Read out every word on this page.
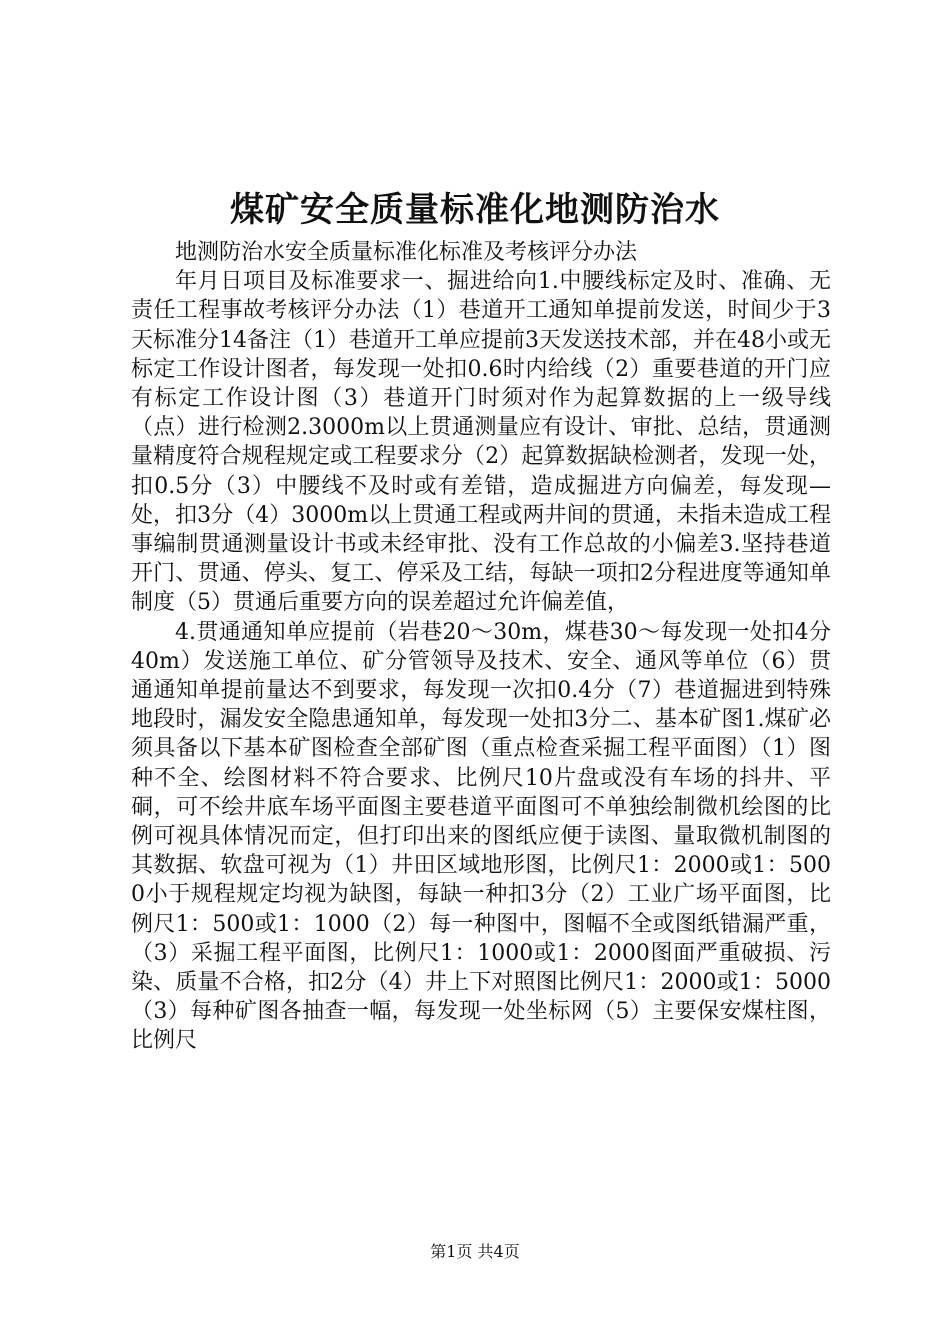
煤矿安全质量标准化地测防治水

地测防治水安全质量标准化标准及考核评分办法

年月日项目及标准要求一、掘进给向1.中腰线标定及时、准确、无责任工程事故考核评分办法（1）巷道开工通知单提前发送，时间少于3天标准分14备注（1）巷道开工单应提前3天发送技术部，并在48小或无标定工作设计图者，每发现一处扣0.6时内给线（2）重要巷道的开门应有标定工作设计图（3）巷道开门时须对作为起算数据的上一级导线（点）进行检测2.3000m以上贯通测量应有设计、审批、总结，贯通测量精度符合规程规定或工程要求分（2）起算数据缺检测者，发现一处，扣0.5分（3）中腰线不及时或有差错，造成掘进方向偏差，每发现—处，扣3分（4）3000m以上贯通工程或两井间的贯通，未指未造成工程事编制贯通测量设计书或未经审批、没有工作总故的小偏差3.坚持巷道开门、贯通、停头、复工、停采及工结，每缺一项扣2分程进度等通知单制度（5）贯通后重要方向的误差超过允许偏差值，

4.贯通通知单应提前（岩巷20～30m，煤巷30～每发现一处扣4分40m）发送施工单位、矿分管领导及技术、安全、通风等单位（6）贯通通知单提前量达不到要求，每发现一次扣0.4分（7）巷道掘进到特殊地段时，漏发安全隐患通知单，每发现一处扣3分二、基本矿图1.煤矿必须具备以下基本矿图检查全部矿图（重点检查采掘工程平面图）（1）图种不全、绘图材料不符合要求、比例尺10片盘或没有车场的抖井、平硐，可不绘井底车场平面图主要巷道平面图可不单独绘制微机绘图的比例可视具体情况而定，但打印出来的图纸应便于读图、量取微机制图的其数据、软盘可视为（1）井田区域地形图，比例尺1：2000或1：5000小于规程规定均视为缺图，每缺一种扣3分（2）工业广场平面图，比例尺1：500或1：1000（2）每一种图中，图幅不全或图纸错漏严重，（3）采掘工程平面图，比例尺1：1000或1：2000图面严重破损、污染、质量不合格，扣2分（4）井上下对照图比例尺1：2000或1：5000（3）每种矿图各抽查一幅，每发现一处坐标网（5）主要保安煤柱图，比例尺

第1页 共4页
